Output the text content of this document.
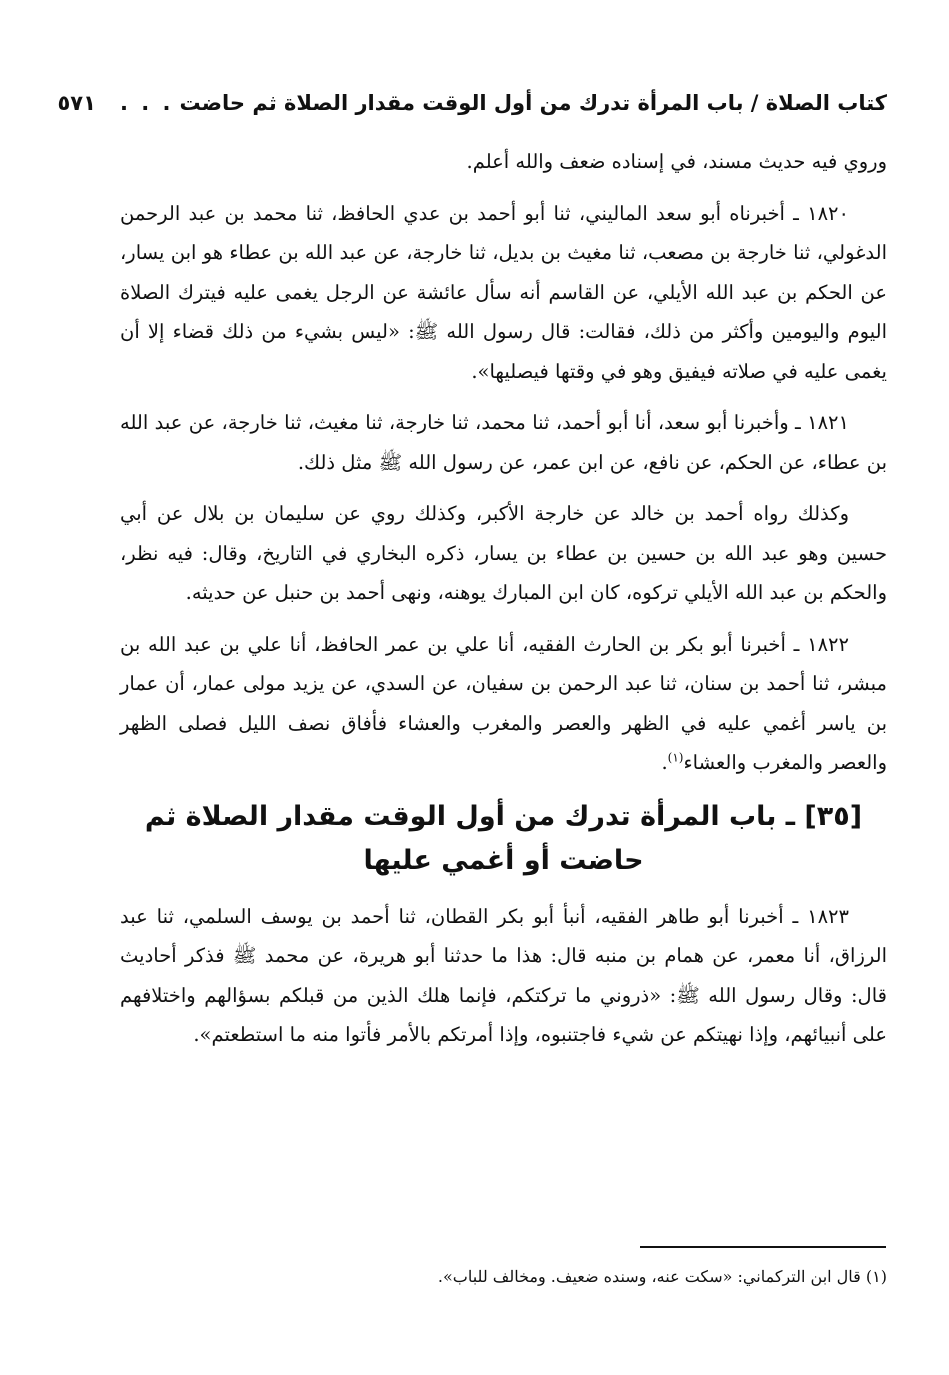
كتاب الصلاة / باب المرأة تدرك من أول الوقت مقدار الصلاة ثم حاضت
. . .
٥٧١

وروي فيه حديث مسند، في إسناده ضعف والله أعلم.

١٨٢٠ ـ أخبرناه أبو سعد الماليني، ثنا أبو أحمد بن عدي الحافظ، ثنا محمد بن عبد الرحمن الدغولي، ثنا خارجة بن مصعب، ثنا مغيث بن بديل، ثنا خارجة، عن عبد الله بن عطاء هو ابن يسار، عن الحكم بن عبد الله الأيلي، عن القاسم أنه سأل عائشة عن الرجل يغمى عليه فيترك الصلاة اليوم واليومين وأكثر من ذلك، فقالت: قال رسول الله ﷺ: «ليس بشيء من ذلك قضاء إلا أن يغمى عليه في صلاته فيفيق وهو في وقتها فيصليها».

١٨٢١ ـ وأخبرنا أبو سعد، أنا أبو أحمد، ثنا محمد، ثنا خارجة، ثنا مغيث، ثنا خارجة، عن عبد الله بن عطاء، عن الحكم، عن نافع، عن ابن عمر، عن رسول الله ﷺ مثل ذلك.

وكذلك رواه أحمد بن خالد عن خارجة الأكبر، وكذلك روي عن سليمان بن بلال عن أبي حسين وهو عبد الله بن حسين بن عطاء بن يسار، ذكره البخاري في التاريخ، وقال: فيه نظر، والحكم بن عبد الله الأيلي تركوه، كان ابن المبارك يوهنه، ونهى أحمد بن حنبل عن حديثه.

١٨٢٢ ـ أخبرنا أبو بكر بن الحارث الفقيه، أنا علي بن عمر الحافظ، أنا علي بن عبد الله بن مبشر، ثنا أحمد بن سنان، ثنا عبد الرحمن بن سفيان، عن السدي، عن يزيد مولى عمار، أن عمار بن ياسر أغمي عليه في الظهر والعصر والمغرب والعشاء فأفاق نصف الليل فصلى الظهر والعصر والمغرب والعشاء$^{(١)}$.

[٣٥] ـ باب المرأة تدرك من أول الوقت مقدار الصلاة ثم حاضت أو أغمي عليها

١٨٢٣ ـ أخبرنا أبو طاهر الفقيه، أنبأ أبو بكر القطان، ثنا أحمد بن يوسف السلمي، ثنا عبد الرزاق، أنا معمر، عن همام بن منبه قال: هذا ما حدثنا أبو هريرة، عن محمد ﷺ فذكر أحاديث قال: وقال رسول الله ﷺ: «ذروني ما تركتكم، فإنما هلك الذين من قبلكم بسؤالهم واختلافهم على أنبيائهم، وإذا نهيتكم عن شيء فاجتنبوه، وإذا أمرتكم بالأمر فأتوا منه ما استطعتم».

(١) قال ابن التركماني: «سكت عنه، وسنده ضعيف. ومخالف للباب».
